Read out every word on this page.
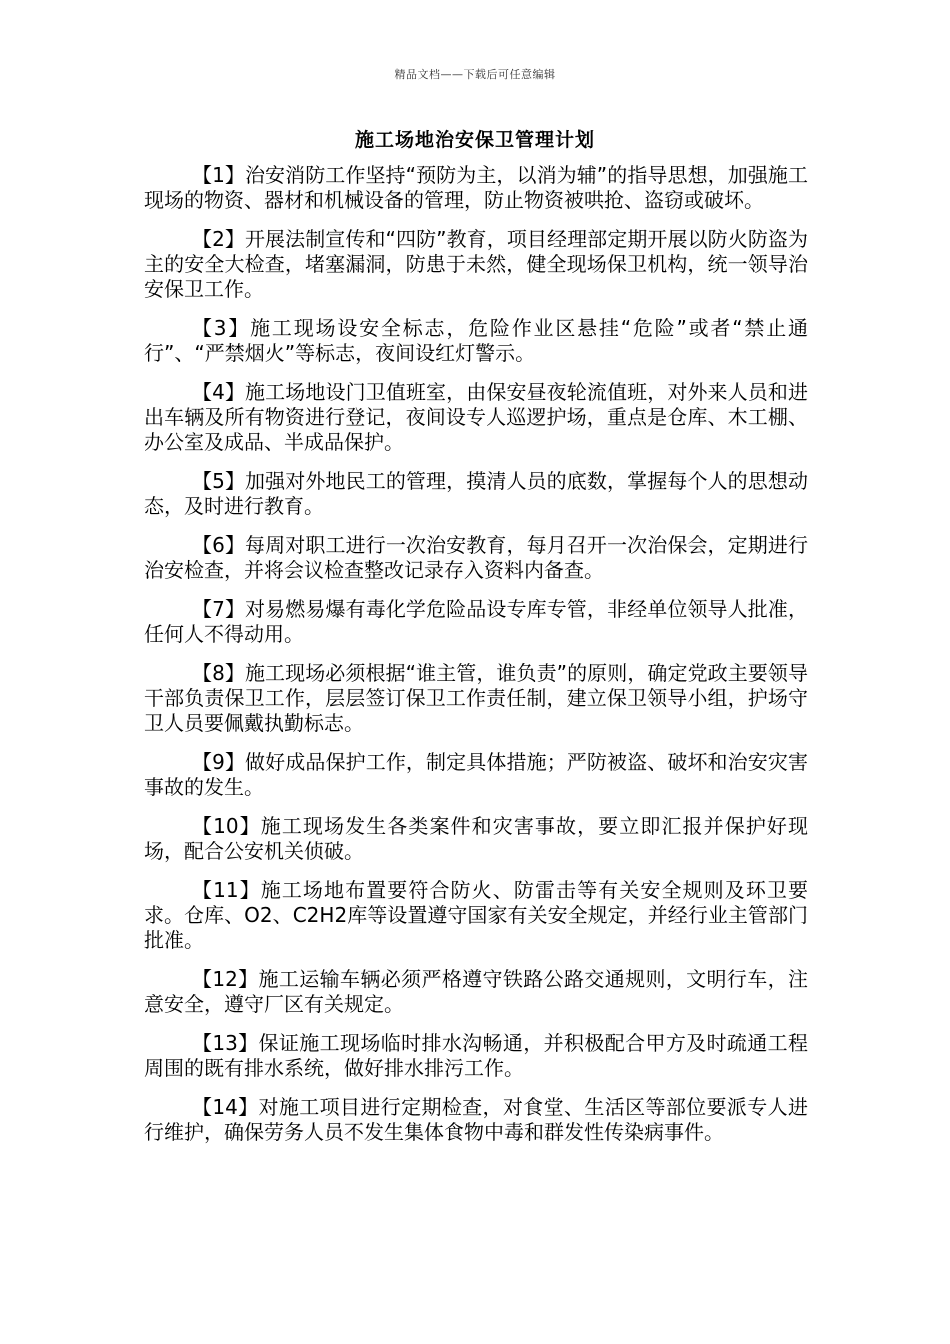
精品文档——下载后可任意编辑
施工场地治安保卫管理计划

【1】治安消防工作坚持“预防为主，以消为辅”的指导思想，加强施工现场的物资、器材和机械设备的管理，防止物资被哄抢、盗窃或破坏。

【2】开展法制宣传和“四防”教育，项目经理部定期开展以防火防盗为主的安全大检查，堵塞漏洞，防患于未然，健全现场保卫机构，统一领导治安保卫工作。

【3】施工现场设安全标志，危险作业区悬挂“危险”或者“禁止通行”、“严禁烟火”等标志，夜间设红灯警示。

【4】施工场地设门卫值班室，由保安昼夜轮流值班，对外来人员和进出车辆及所有物资进行登记，夜间设专人巡逻护场，重点是仓库、木工棚、办公室及成品、半成品保护。

【5】加强对外地民工的管理，摸清人员的底数，掌握每个人的思想动态，及时进行教育。

【6】每周对职工进行一次治安教育，每月召开一次治保会，定期进行治安检查，并将会议检查整改记录存入资料内备查。

【7】对易燃易爆有毒化学危险品设专库专管，非经单位领导人批准，任何人不得动用。

【8】施工现场必须根据“谁主管，谁负责”的原则，确定党政主要领导干部负责保卫工作，层层签订保卫工作责任制，建立保卫领导小组，护场守卫人员要佩戴执勤标志。

【9】做好成品保护工作，制定具体措施；严防被盗、破坏和治安灾害事故的发生。

【10】施工现场发生各类案件和灾害事故，要立即汇报并保护好现场，配合公安机关侦破。

【11】施工场地布置要符合防火、防雷击等有关安全规则及环卫要求。仓库、O2、C2H2库等设置遵守国家有关安全规定，并经行业主管部门批准。

【12】施工运输车辆必须严格遵守铁路公路交通规则，文明行车，注意安全，遵守厂区有关规定。

【13】保证施工现场临时排水沟畅通，并积极配合甲方及时疏通工程周围的既有排水系统，做好排水排污工作。

【14】对施工项目进行定期检查，对食堂、生活区等部位要派专人进行维护，确保劳务人员不发生集体食物中毒和群发性传染病事件。
